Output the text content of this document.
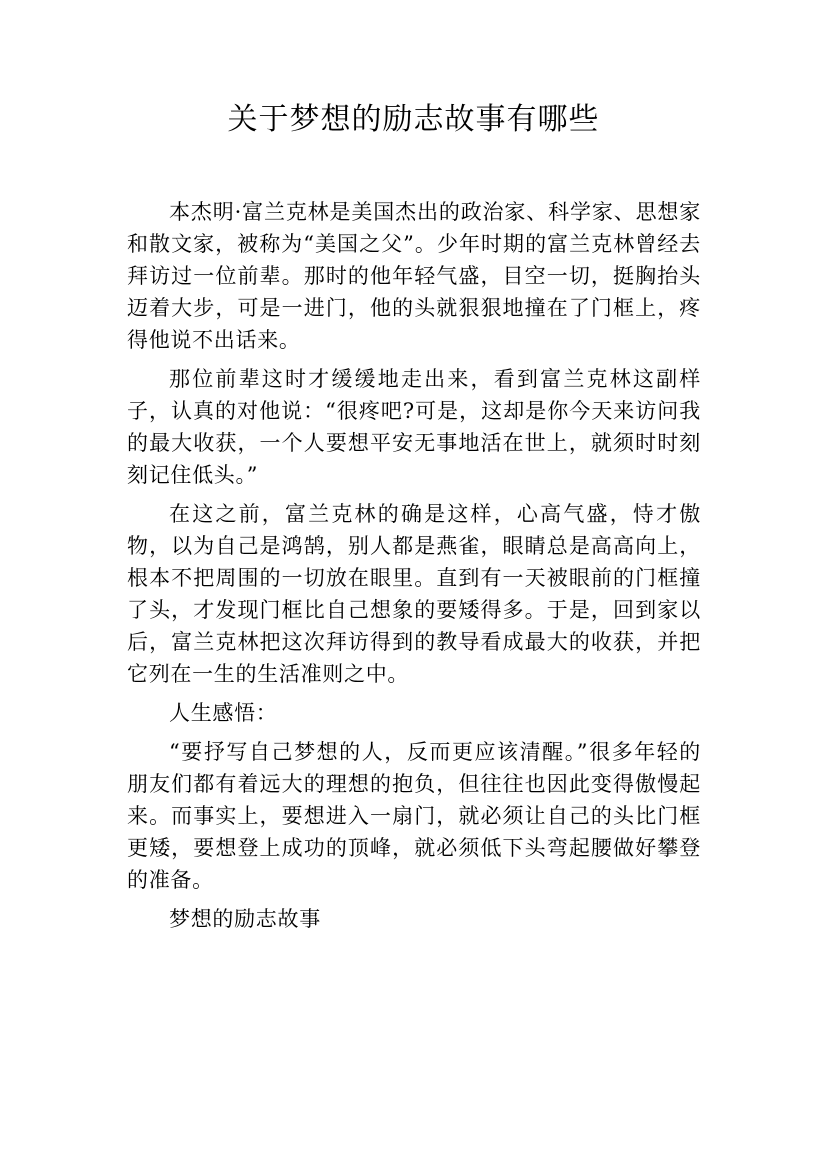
关于梦想的励志故事有哪些

本杰明·富兰克林是美国杰出的政治家、科学家、思想家和散文家，被称为“美国之父”。少年时期的富兰克林曾经去拜访过一位前辈。那时的他年轻气盛，目空一切，挺胸抬头迈着大步，可是一进门，他的头就狠狠地撞在了门框上，疼得他说不出话来。

那位前辈这时才缓缓地走出来，看到富兰克林这副样子，认真的对他说：“很疼吧?可是，这却是你今天来访问我的最大收获，一个人要想平安无事地活在世上，就须时时刻刻记住低头。”

在这之前，富兰克林的确是这样，心高气盛，恃才傲物，以为自己是鸿鹄，别人都是燕雀，眼睛总是高高向上，根本不把周围的一切放在眼里。直到有一天被眼前的门框撞了头，才发现门框比自己想象的要矮得多。于是，回到家以后，富兰克林把这次拜访得到的教导看成最大的收获，并把它列在一生的生活准则之中。

人生感悟：

“要抒写自己梦想的人，反而更应该清醒。”很多年轻的朋友们都有着远大的理想的抱负，但往往也因此变得傲慢起来。而事实上，要想进入一扇门，就必须让自己的头比门框更矮，要想登上成功的顶峰，就必须低下头弯起腰做好攀登的准备。

梦想的励志故事
